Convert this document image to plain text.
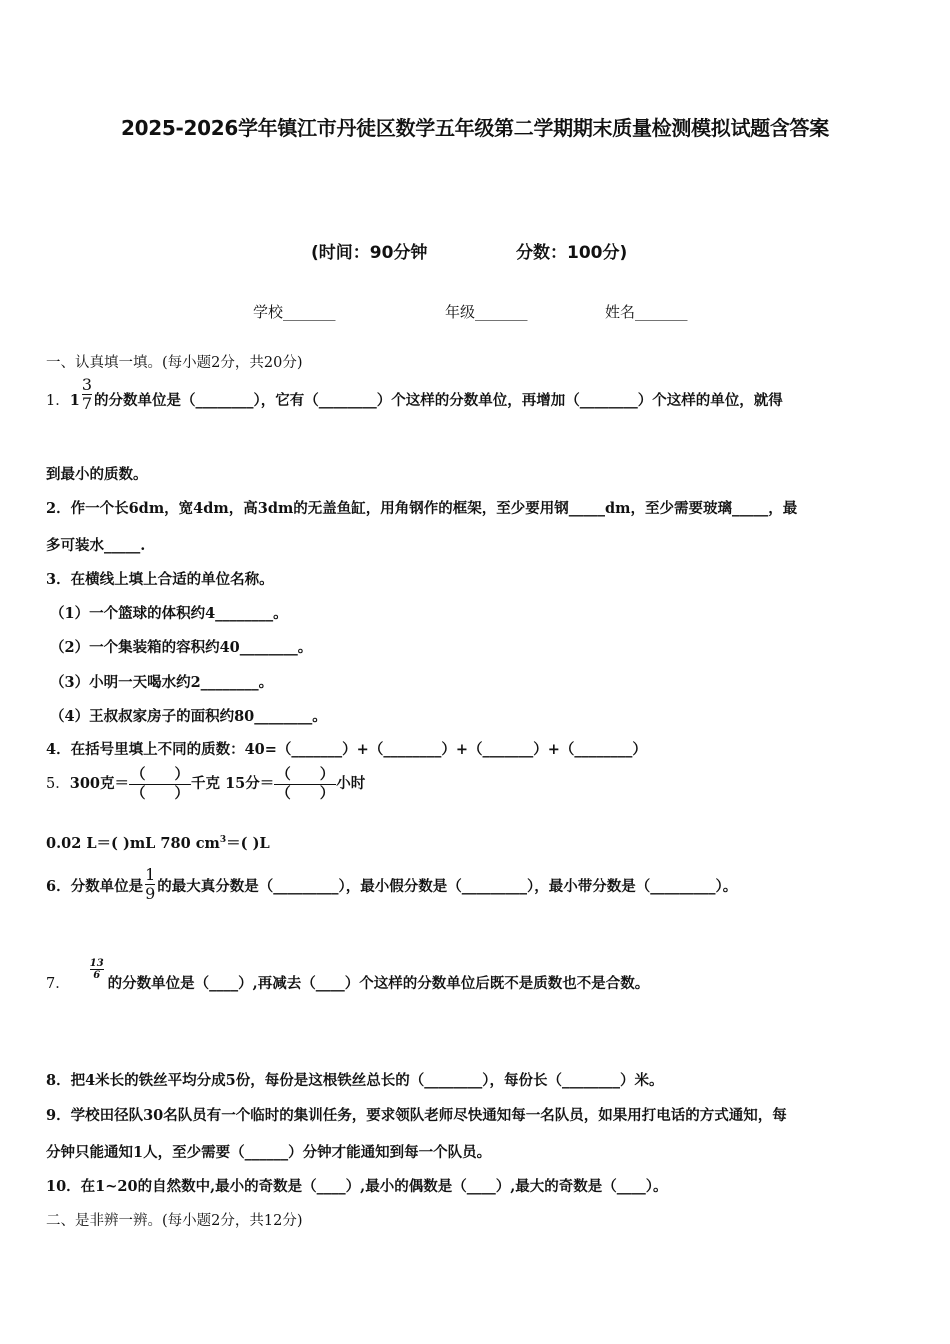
2025-2026学年镇江市丹徒区数学五年级第二学期期末质量检测模拟试题含答案
(时间：90分钟	分数：100分)
学校_______	年级_______	姓名_______
一、认真填一填。(每小题2分，共20分)
1．$1 \frac{3}{7}$ 的分数单位是（________），它有（________）个这样的分数单位，再增加（________）个这样的单位，就得
到最小的质数。
2．作一个长6dm，宽4dm，高3dm的无盖鱼缸，用角钢作的框架，至少要用钢_____dm，至少需要玻璃_____，最
多可装水_____.
3．在横线上填上合适的单位名称。
（1）一个篮球的体积约4________。
（2）一个集装箱的容积约40________。
（3）小明一天喝水约2________。
（4）王叔叔家房子的面积约80________。
4．在括号里填上不同的质数：40=（_______）+（________）+（_______）+（________）
5．300克＝
（　　）
（　　）
千克 15分＝
（　　）
（　　）
小时
0.02 L＝( )mL 780 $cm^3=$( )L
6．分数单位是 $\frac{1}{9}$ 的最大真分数是（_________），最小假分数是（_________），最小带分数是（_________）。
7．
$\frac{13}{6}$
的分数单位是（____）,再减去（____）个这样的分数单位后既不是质数也不是合数。
8．把4米长的铁丝平均分成5份，每份是这根铁丝总长的（________），每份长（________）米。
9．学校田径队30名队员有一个临时的集训任务，要求领队老师尽快通知每一名队员，如果用打电话的方式通知，每
分钟只能通知1人，至少需要（______）分钟才能通知到每一个队员。
10．在1~20的自然数中,最小的奇数是（____）,最小的偶数是（____）,最大的奇数是（____）。
二、是非辨一辨。(每小题2分，共12分)
